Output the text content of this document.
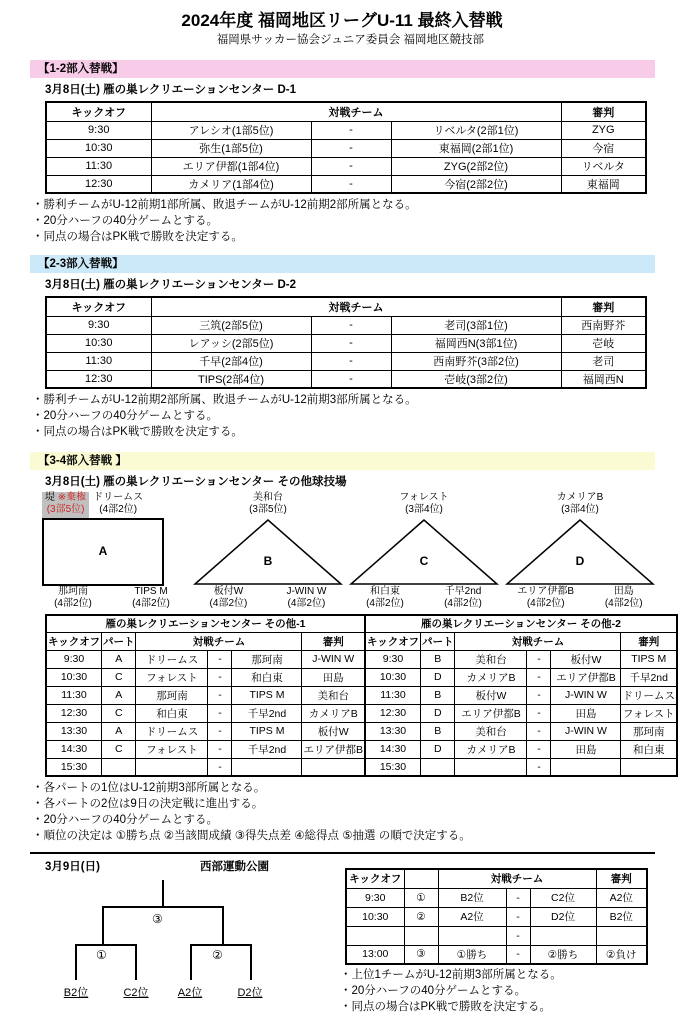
2024年度 福岡地区リーグU-11 最終入替戦
福岡県サッカー協会ジュニア委員会 福岡地区競技部
【1-2部入替戦】
3月8日(土) 雁の巣レクリエーションセンター D-1
キックオフ	対戦チーム			審判
9:30	アレシオ(1部5位)	-	リベルタ(2部1位)	ZYG
10:30	弥生(1部5位)	-	東福岡(2部1位)	今宿
11:30	エリア伊都(1部4位)	-	ZYG(2部2位)	リベルタ
12:30	カメリア(1部4位)	-	今宿(2部2位)	東福岡
・勝利チームがU-12前期1部所属、敗退チームがU-12前期2部所属となる。
・20分ハーフの40分ゲームとする。
・同点の場合はPK戦で勝敗を決定する。
【2-3部入替戦】
3月8日(土) 雁の巣レクリエーションセンター D-2
キックオフ	対戦チーム			審判
9:30	三筑(2部5位)	-	老司(3部1位)	西南野芥
10:30	レアッシ(2部5位)	-	福岡西N(3部1位)	壱岐
11:30	千早(2部4位)	-	西南野芥(3部2位)	老司
12:30	TIPS(2部4位)	-	壱岐(3部2位)	福岡西N
・勝利チームがU-12前期2部所属、敗退チームがU-12前期3部所属となる。
・20分ハーフの40分ゲームとする。
・同点の場合はPK戦で勝敗を決定する。
【3-4部入替戦 】
3月8日(土) 雁の巣レクリエーションセンター その他球技場
堤 ※棄権
(3部5位)
ドリームス
(4部2位)
A
那珂南
(4部2位)
TIPS M
(4部2位)
美和台
(3部5位)
B
板付W
(4部2位)
J-WIN W
(4部2位)
フォレスト
(3部4位)
C
和白東
(4部2位)
千早2nd
(4部2位)
カメリアB
(3部4位)
D
エリア伊都B
(4部2位)
田島
(4部2位)
雁の巣レクリエーションセンター その他-1					
キックオフ	パート	対戦チーム			審判
9:30	A	ドリームス	-	那珂南	J-WIN W
10:30	C	フォレスト	-	和白東	田島
11:30	A	那珂南	-	TIPS M	美和台
12:30	C	和白東	-	千早2nd	カメリアB
13:30	A	ドリームス	-	TIPS M	板付W
14:30	C	フォレスト	-	千早2nd	エリア伊都B
15:30			-		
雁の巣レクリエーションセンター その他-2					
キックオフ	パート	対戦チーム			審判
9:30	B	美和台	-	板付W	TIPS M
10:30	D	カメリアB	-	エリア伊都B	千早2nd
11:30	B	板付W	-	J-WIN W	ドリームス
12:30	D	エリア伊都B	-	田島	フォレスト
13:30	B	美和台	-	J-WIN W	那珂南
14:30	D	カメリアB	-	田島	和白東
15:30			-		
・各パートの1位はU-12前期3部所属となる。
・各パートの2位は9日の決定戦に進出する。
・20分ハーフの40分ゲームとする。
・順位の決定は ①勝ち点 ②当該間成績 ③得失点差 ④総得点 ⑤抽選 の順で決定する。
3月9日(日)	西部運動公園
③
①	②
B2位	C2位	A2位	D2位
キックオフ		対戦チーム			審判
9:30	①	B2位	-	C2位	A2位
10:30	②	A2位	-	D2位	B2位
			-		
13:00	③	①勝ち	-	②勝ち	②負け
・上位1チームがU-12前期3部所属となる。
・20分ハーフの40分ゲームとする。
・同点の場合はPK戦で勝敗を決定する。
